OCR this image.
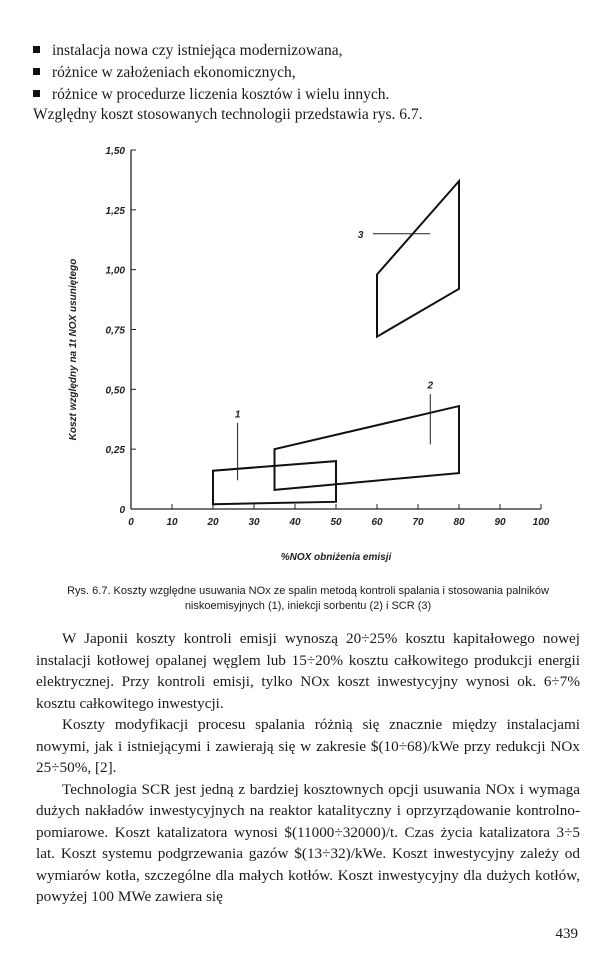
instalacja nowa czy istniejąca modernizowana,
różnice w założeniach ekonomicznych,
różnice w procedurze liczenia kosztów i wielu innych.
Względny koszt stosowanych technologii przedstawia rys. 6.7.
0	10	20	30	40	50	60	70	80	90	100
0
0,25
0,50
0,75
1,00
1,25
1,50
1
2
3
%NOX obniżenia emisji
Koszt względny na 1t NOX usuniętego
Rys. 6.7. Koszty względne usuwania NOx ze spalin metodą kontroli spalania i stosowania palników
niskoemisyjnych (1), iniekcji sorbentu (2) i SCR (3)

W Japonii koszty kontroli emisji wynoszą 20÷25% kosztu kapitałowego nowej instalacji kotłowej opalanej węglem lub 15÷20% kosztu całkowitego produkcji energii elektrycznej. Przy kontroli emisji, tylko NOx koszt inwestycyjny wynosi ok. 6÷7% kosztu całkowitego inwestycji.

Koszty modyfikacji procesu spalania różnią się znacznie między instalacjami nowymi, jak i istniejącymi i zawierają się w zakresie $(10÷68)/kWe przy redukcji NOx 25÷50%, [2].

Technologia SCR jest jedną z bardziej kosztownych opcji usuwania NOx i wymaga dużych nakładów inwestycyjnych na reaktor katalityczny i oprzyrządowanie kontrolno-pomiarowe. Koszt katalizatora wynosi $(11000÷32000)/t. Czas życia katalizatora 3÷5 lat. Koszt systemu podgrzewania gazów $(13÷32)/kWe. Koszt inwestycyjny zależy od wymiarów kotła, szczególne dla małych kotłów. Koszt inwestycyjny dla dużych kotłów, powyżej 100 MWe zawiera się

439
